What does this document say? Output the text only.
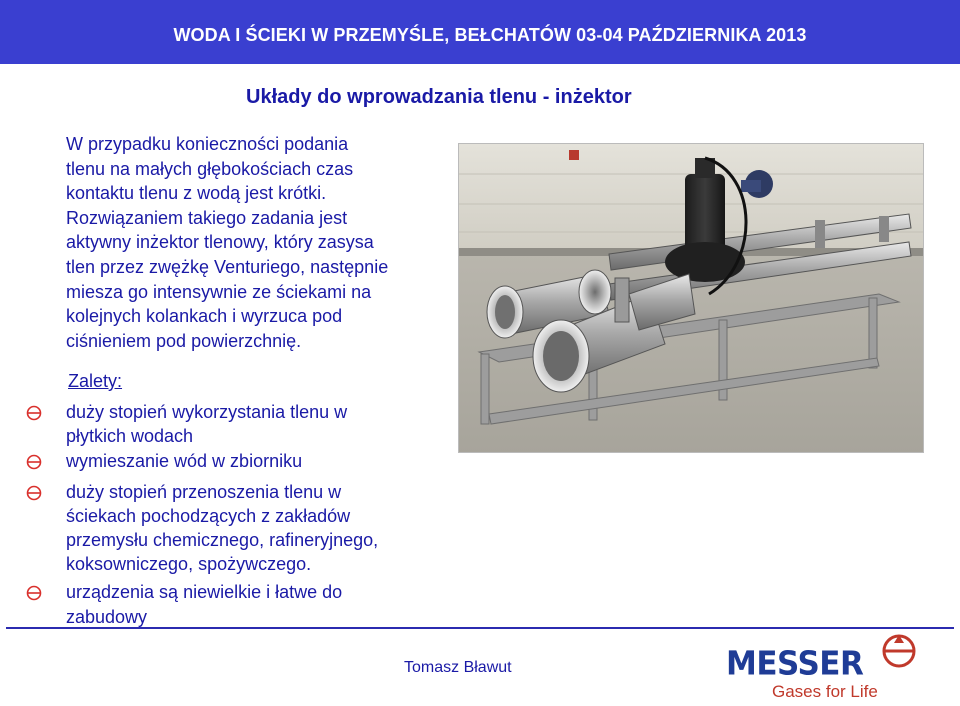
WODA I ŚCIEKI W PRZEMYŚLE, BEŁCHATÓW 03-04 PAŹDZIERNIKA 2013
Układy do wprowadzania tlenu - inżektor
W przypadku konieczności podania
tlenu na małych głębokościach czas
kontaktu tlenu z wodą jest krótki.
Rozwiązaniem takiego zadania jest
aktywny inżektor tlenowy, który zasysa
tlen przez zwężkę Venturiego, następnie
miesza go intensywnie ze ściekami na
kolejnych kolankach i wyrzuca pod
ciśnieniem pod powierzchnię.
Zalety:
duży stopień wykorzystania tlenu w
płytkich wodach
wymieszanie wód w zbiorniku
duży stopień przenoszenia tlenu w
ściekach pochodzących z zakładów
przemysłu chemicznego, rafineryjnego,
koksowniczego, spożywczego.
urządzenia są niewielkie i łatwe do
zabudowy
Tomasz Bławut	MESSER
Gases for Life
